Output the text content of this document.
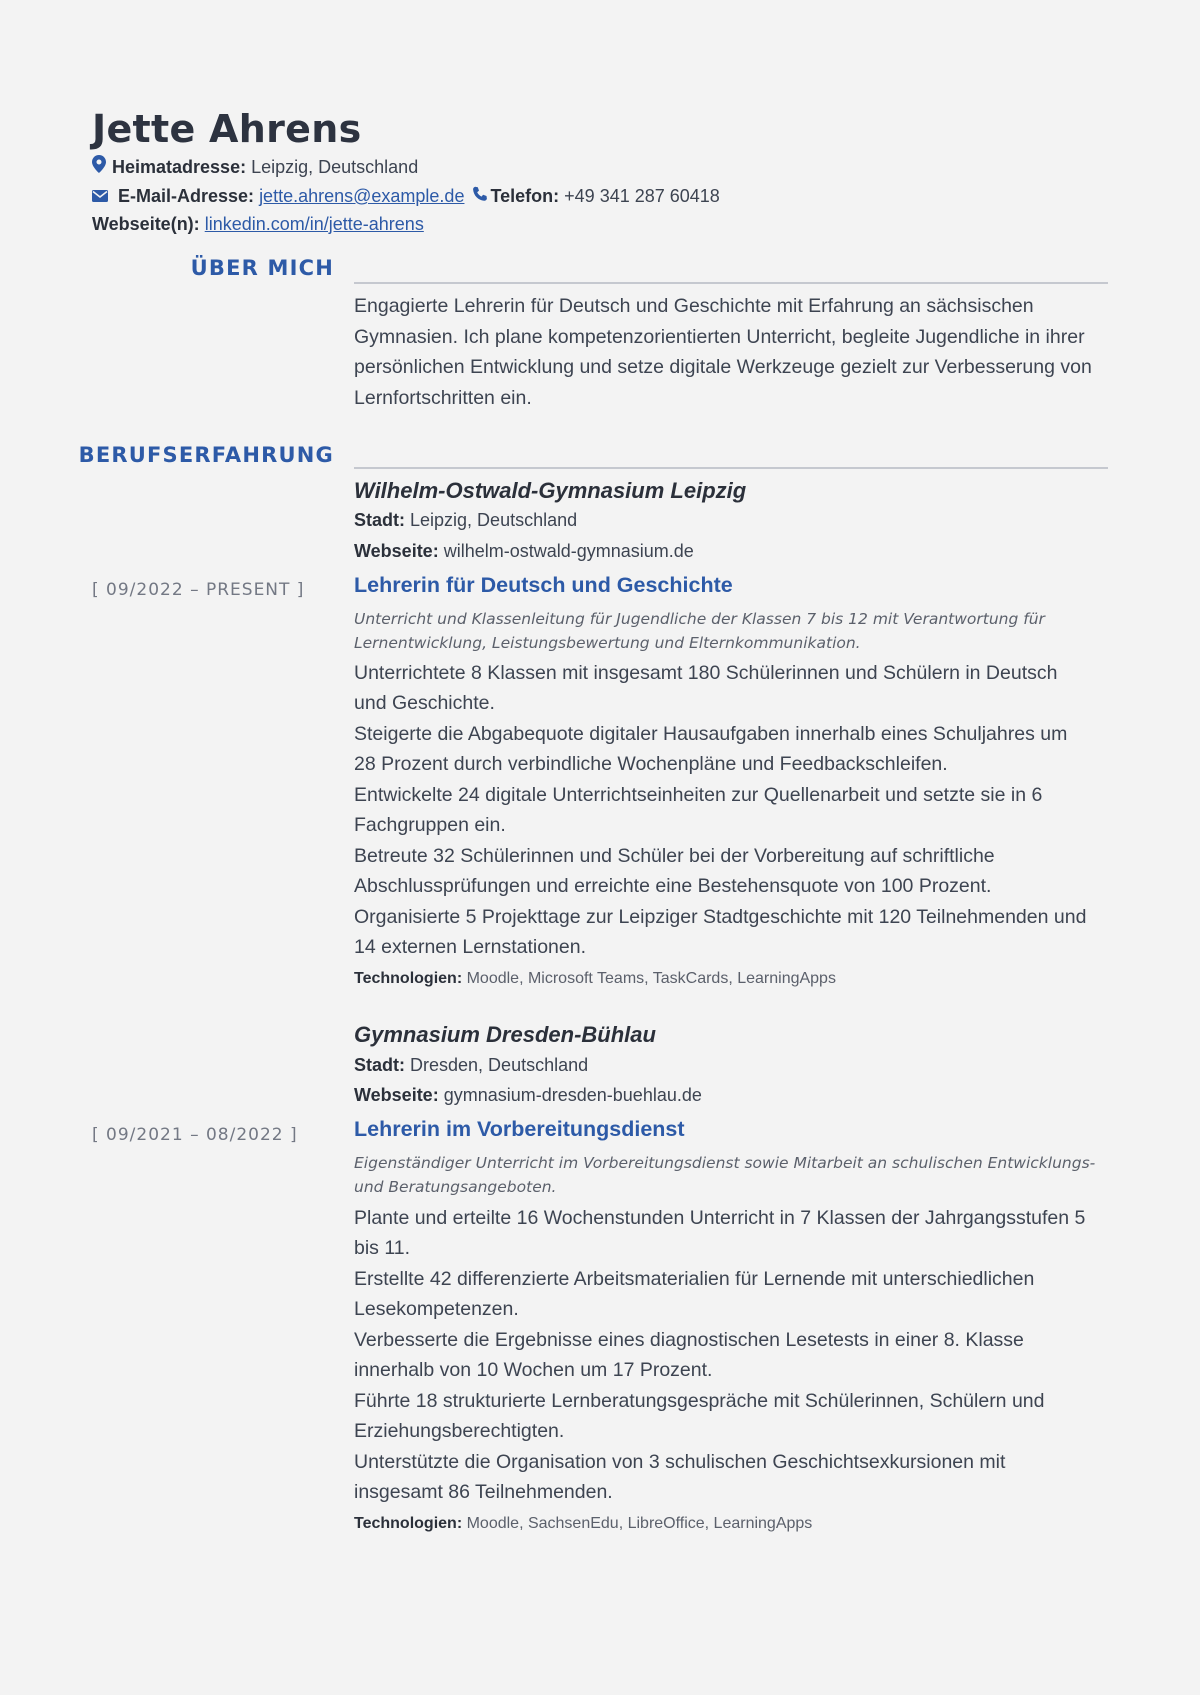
Jette Ahrens
Heimatadresse:
Leipzig, Deutschland
E-Mail-Adresse:
jette.ahrens@example.de Telefon:
+49 341 287 60418
Webseite(n):
linkedin.com/in/jette-ahrens
ÜBER MICH

Engagierte Lehrerin für Deutsch und Geschichte mit Erfahrung an sächsischen Gymnasien. Ich plane kompetenzorientierten Unterricht, begleite Jugendliche in ihrer persönlichen Entwicklung und setze digitale Werkzeuge gezielt zur Verbesserung von Lernfortschritten ein.

BERUFSERFAHRUNG
Wilhelm-Ostwald-Gymnasium Leipzig
Stadt: Leipzig, Deutschland
Webseite: wilhelm-ostwald-gymnasium.de
[ 09/2022 – PRESENT ] Lehrerin für Deutsch und Geschichte

Unterricht und Klassenleitung für Jugendliche der Klassen 7 bis 12 mit Verantwortung für Lernentwicklung, Leistungsbewertung und Elternkommunikation.

Unterrichtete 8 Klassen mit insgesamt 180 Schülerinnen und Schülern in Deutsch und Geschichte.
Steigerte die Abgabequote digitaler Hausaufgaben innerhalb eines Schuljahres um 28 Prozent durch verbindliche Wochenpläne und Feedbackschleifen.
Entwickelte 24 digitale Unterrichtseinheiten zur Quellenarbeit und setzte sie in 6 Fachgruppen ein.
Betreute 32 Schülerinnen und Schüler bei der Vorbereitung auf schriftliche Abschlussprüfungen und erreichte eine Bestehensquote von 100 Prozent.
Organisierte 5 Projekttage zur Leipziger Stadtgeschichte mit 120 Teilnehmenden und 14 externen Lernstationen.
Technologien: Moodle, Microsoft Teams, TaskCards, LearningApps
Gymnasium Dresden-Bühlau
Stadt: Dresden, Deutschland
Webseite: gymnasium-dresden-buehlau.de
[ 09/2021 – 08/2022 ]	Lehrerin im Vorbereitungsdienst

Eigenständiger Unterricht im Vorbereitungsdienst sowie Mitarbeit an schulischen Entwicklungs- und Beratungsangeboten.

Plante und erteilte 16 Wochenstunden Unterricht in 7 Klassen der Jahrgangsstufen 5 bis 11.
Erstellte 42 differenzierte Arbeitsmaterialien für Lernende mit unterschiedlichen Lesekompetenzen.
Verbesserte die Ergebnisse eines diagnostischen Lesetests in einer 8. Klasse innerhalb von 10 Wochen um 17 Prozent.
Führte 18 strukturierte Lernberatungsgespräche mit Schülerinnen, Schülern und Erziehungsberechtigten.
Unterstützte die Organisation von 3 schulischen Geschichtsexkursionen mit insgesamt 86 Teilnehmenden.
Technologien: Moodle, SachsenEdu, LibreOffice, LearningApps
